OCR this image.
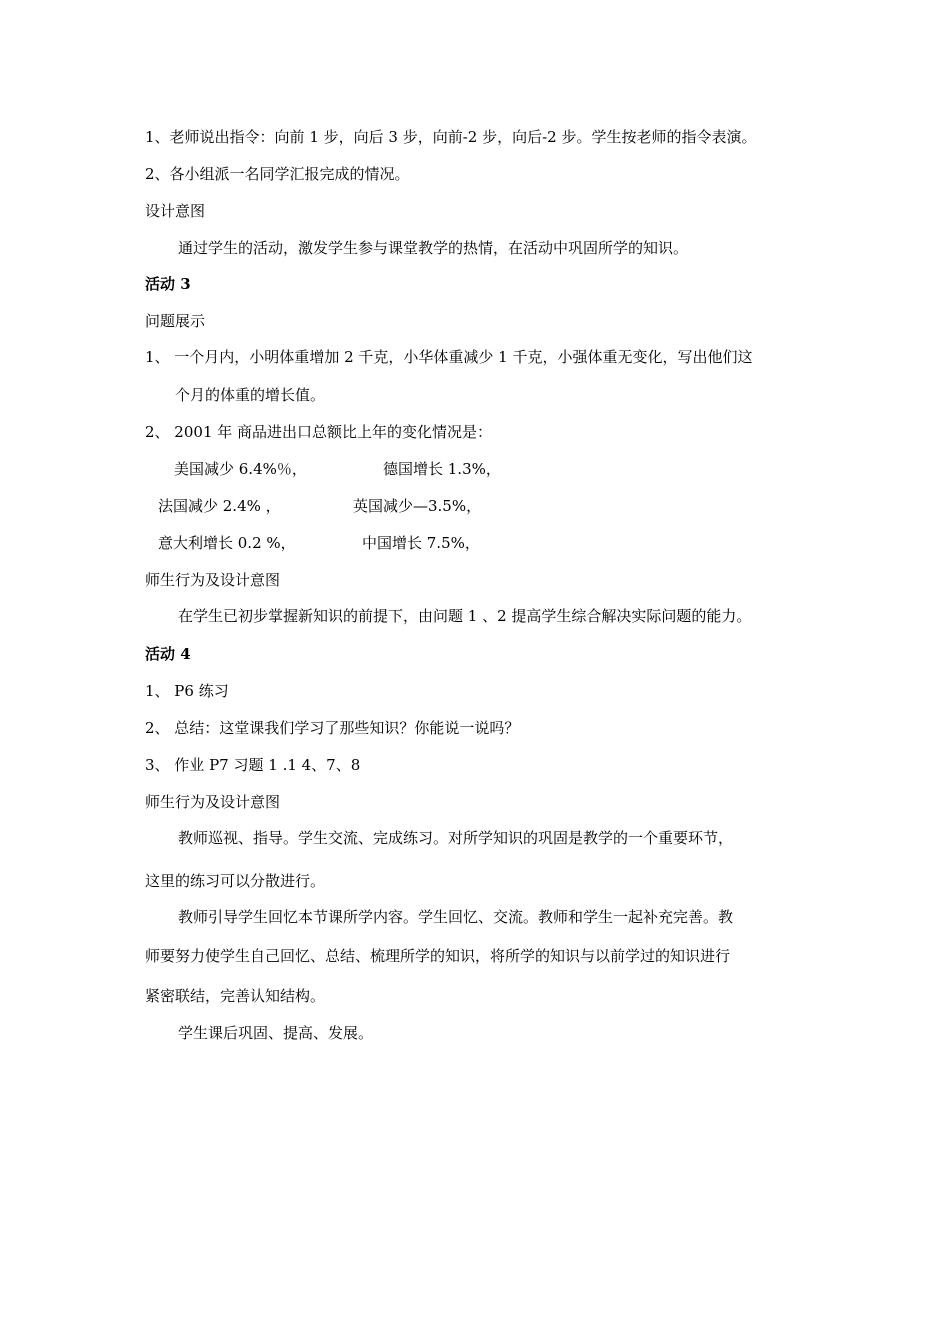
1、老师说出指令：向前 1 步，向后 3 步，向前-2 步，向后-2 步。学生按老师的指令表演。
2、各小组派一名同学汇报完成的情况。
设计意图
通过学生的活动，激发学生参与课堂教学的热情，在活动中巩固所学的知识。
活动 3
问题展示
1、 一个月内，小明体重增加 2 千克，小华体重减少 1 千克，小强体重无变化，写出他们这
个月的体重的增长值。
2、 2001 年 商品进出口总额比上年的变化情况是：
美国减少 6.4%％，	德国增长 1.3%，
法国减少 2.4% ，	英国减少—3.5%，
意大利增长 0.2 %，	中国增长 7.5%，
师生行为及设计意图
在学生已初步掌握新知识的前提下，由问题 1 、2 提高学生综合解决实际问题的能力。
活动 4
1、 P6 练习
2、 总结：这堂课我们学习了那些知识？你能说一说吗？
3、 作业 P7 习题 1 .1 4、7、8
师生行为及设计意图
教师巡视、指导。学生交流、完成练习。对所学知识的巩固是教学的一个重要环节，
这里的练习可以分散进行。
教师引导学生回忆本节课所学内容。学生回忆、交流。教师和学生一起补充完善。教
师要努力使学生自己回忆、总结、梳理所学的知识，将所学的知识与以前学过的知识进行
紧密联结，完善认知结构。
学生课后巩固、提高、发展。
